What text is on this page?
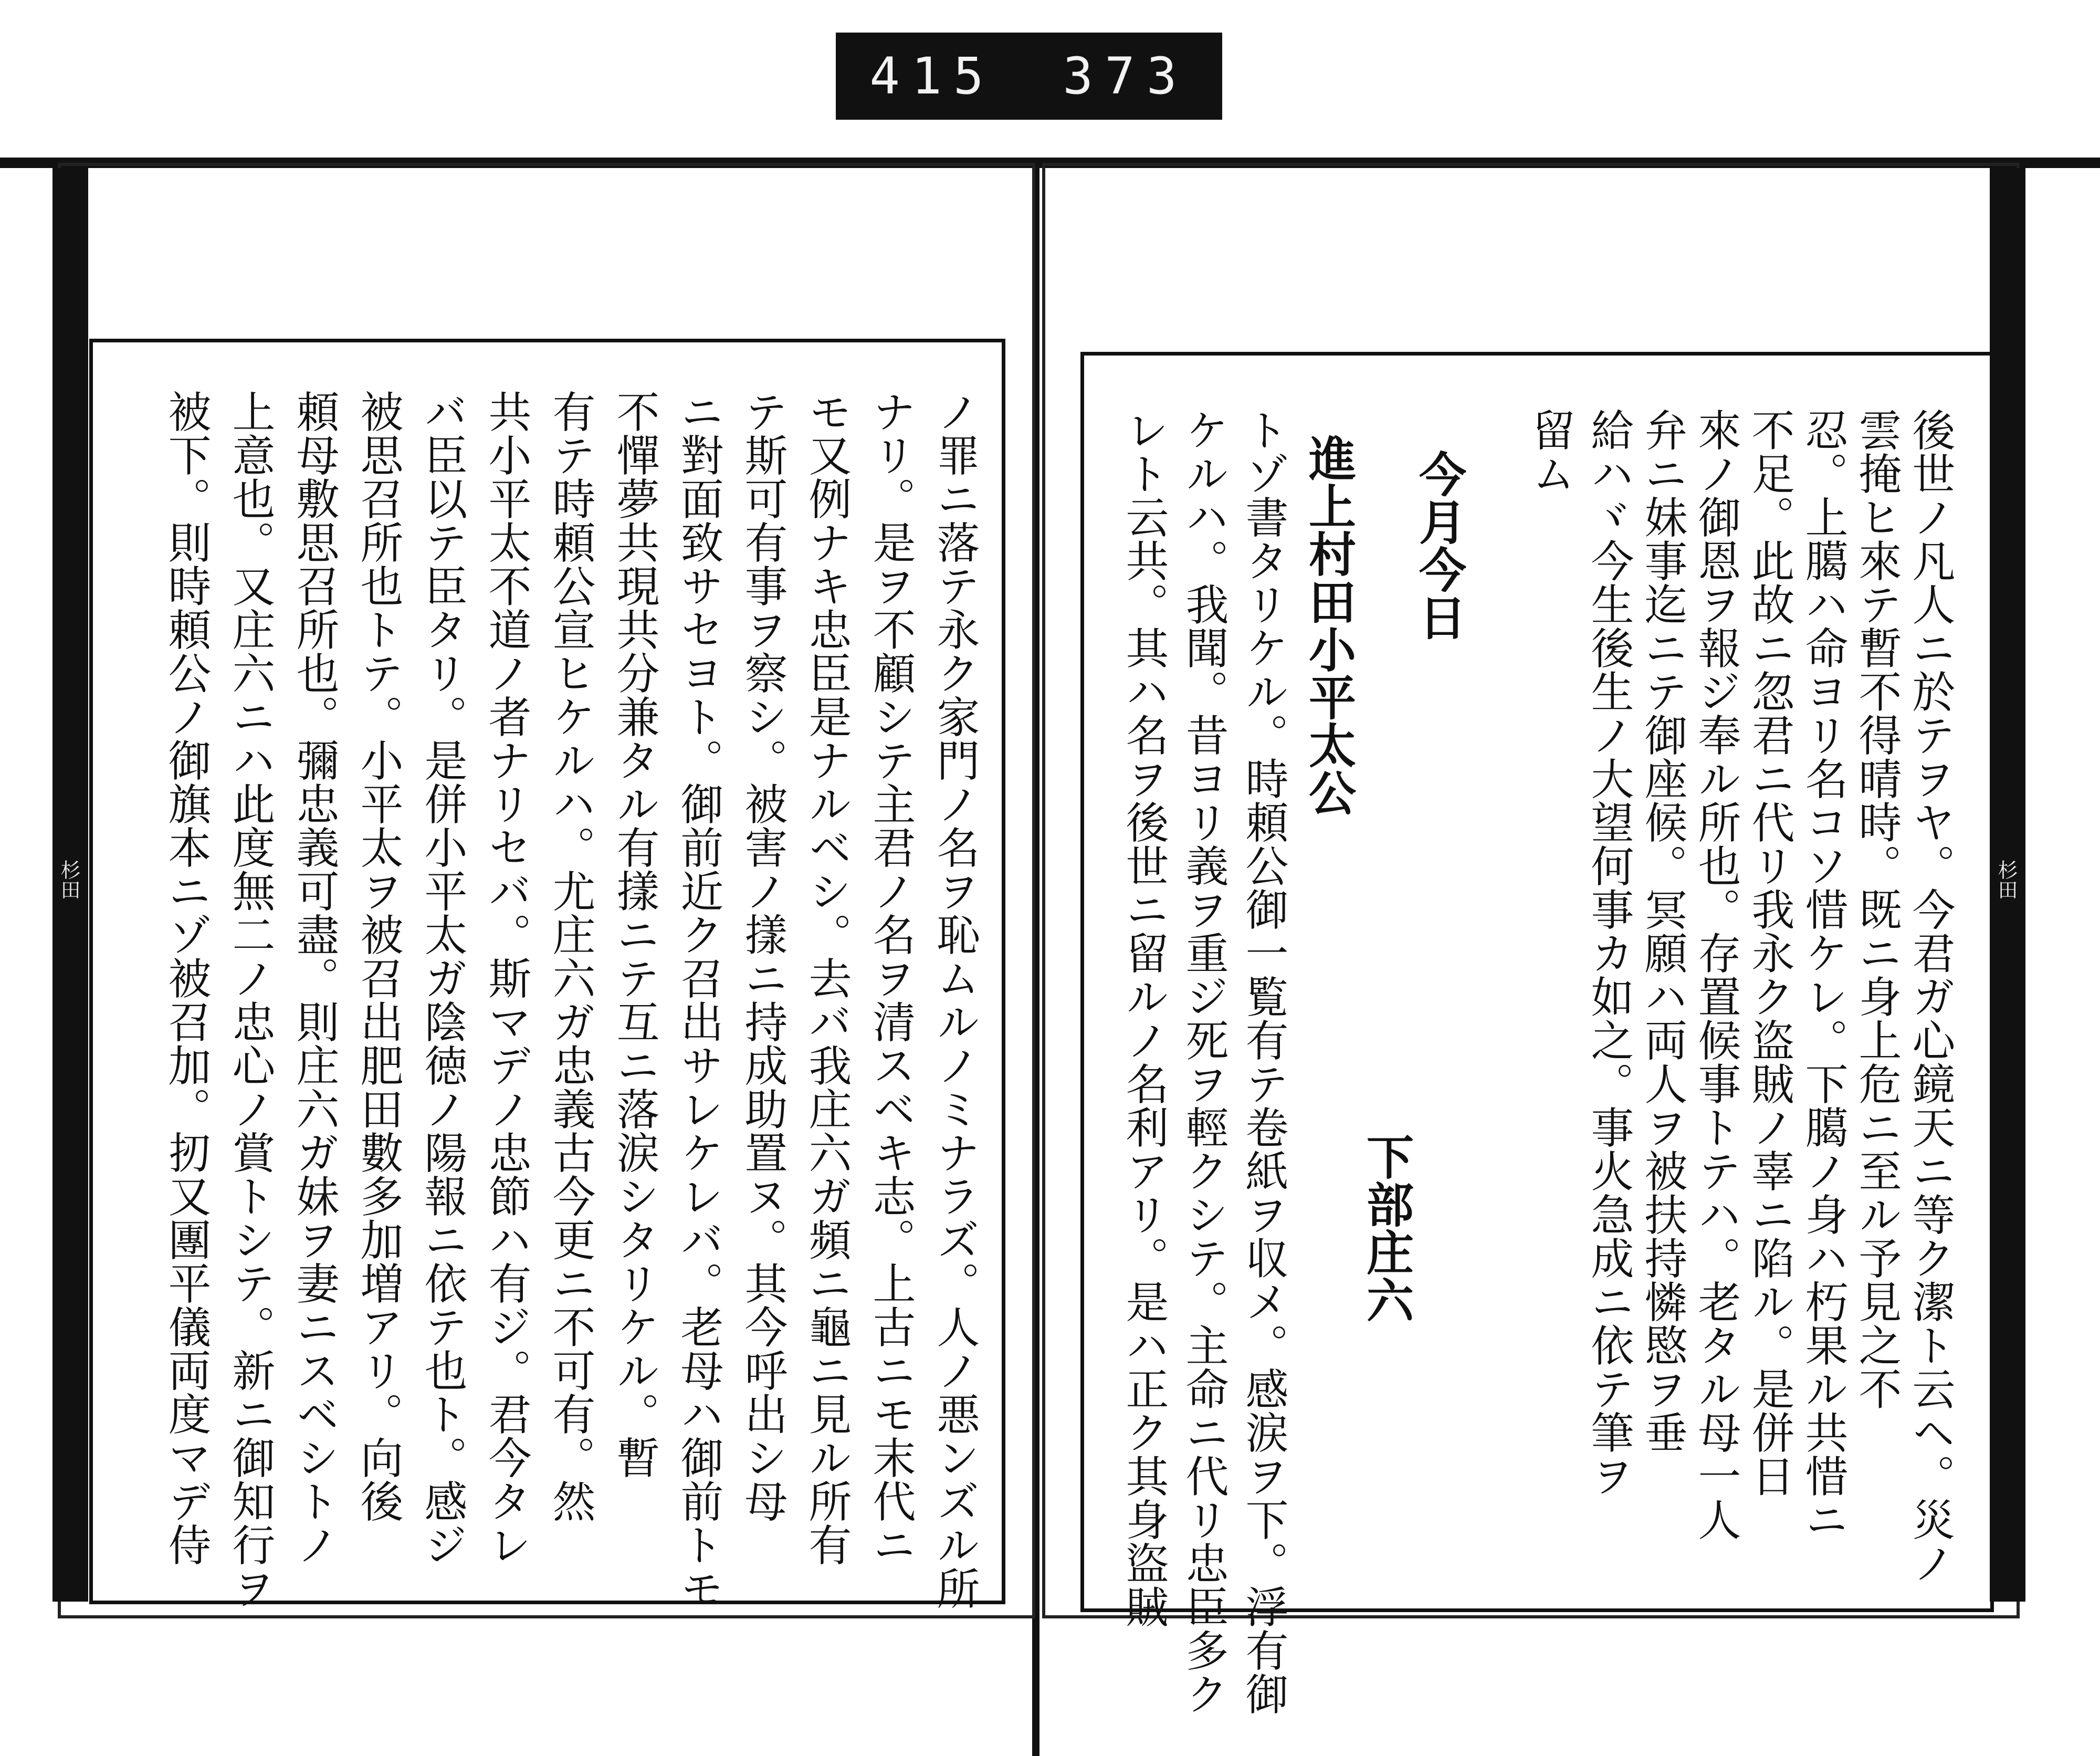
415 373
杉田	杉田
後世ノ凡人ニ於テヲヤ。今君ガ心鏡天ニ等ク潔ト云ヘ。災ノ
雲掩ヒ來テ暫不得晴時。既ニ身上危ニ至ル予見之不
忍。上臈ハ命ヨリ名コソ惜ケレ。下臈ノ身ハ朽果ル共惜ニ
不足。此故ニ忽君ニ代リ我永ク盗賊ノ辜ニ陷ル。是併日
來ノ御恩ヲ報ジ奉ル所也。存置候事トテハ。老タル母一人
弁ニ妹事迄ニテ御座候。冥願ハ両人ヲ被扶持憐愍ヲ垂
給ハヾ今生後生ノ大望何事カ如之。事火急成ニ依テ筆ヲ
留ム
今月今日
進上村田小平太公
下部庄六
トゾ書タリケル。時頼公御一覧有テ卷紙ヲ収メ。感涙ヲ下。浮有御
ケルハ。我聞。昔ヨリ義ヲ重ジ死ヲ輕クシテ。主命ニ代リ忠臣多ク
レト云共。其ハ名ヲ後世ニ留ルノ名利アリ。是ハ正ク其身盜賊
ノ罪ニ落テ永ク家門ノ名ヲ恥ムルノミナラズ。人ノ悪ンズル所
ナリ。是ヲ不顧シテ主君ノ名ヲ清スベキ志。上古ニモ末代ニ
モ又例ナキ忠臣是ナルベシ。去バ我庄六ガ頻ニ龜ニ見ル所有
テ斯可有事ヲ察シ。被害ノ㨾ニ持成助置ヌ。其今呼出シ母
ニ對面致サセヨト。御前近ク召出サレケレバ。老母ハ御前トモ
不憚夢共現共分兼タル有㨾ニテ互ニ落涙シタリケル。暫
有テ時頼公宣ヒケルハ。尤庄六ガ忠義古今更ニ不可有。然
共小平太不道ノ者ナリセバ。斯マデノ忠節ハ有ジ。君今タレ
バ臣以テ臣タリ。是併小平太ガ陰徳ノ陽報ニ依テ也ト。感ジ
被思召所也トテ。小平太ヲ被召出肥田數多加増アリ。向後
頼母敷思召所也。彌忠義可盡。則庄六ガ妹ヲ妻ニスベシトノ
上意也。又庄六ニハ此度無二ノ忠心ノ賞トシテ。新ニ御知行ヲ
被下。則時頼公ノ御旗本ニゾ被召加。扨又團平儀両度マデ侍
